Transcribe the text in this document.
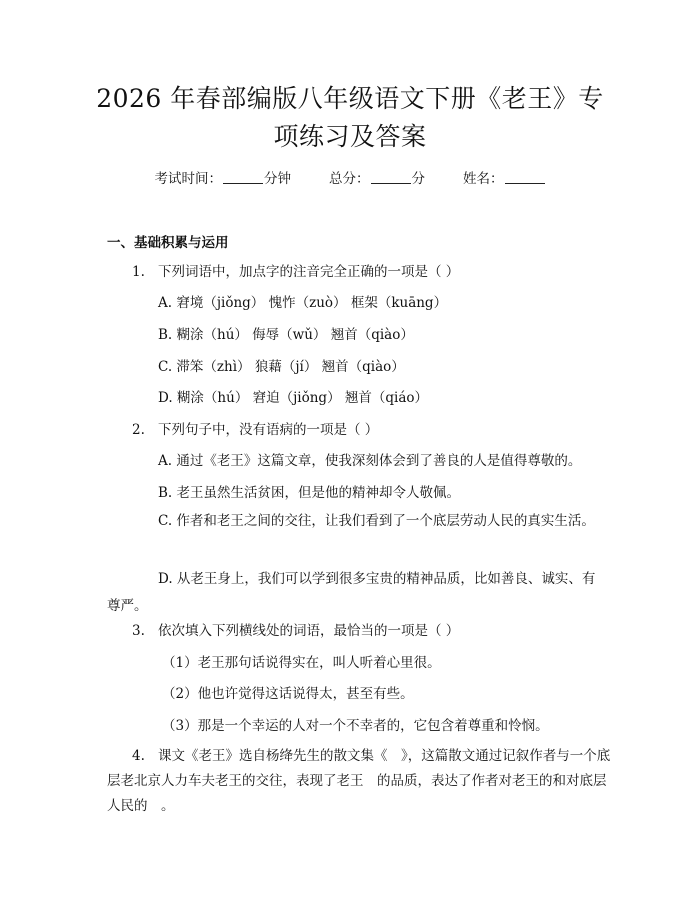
2026 年春部编版八年级语文下册《老王》专
项练习及答案
考试时间：	分钟	总分：	分	姓名：
一、基础积累与运用
1. 下列词语中，加点字的注音完全正确的一项是（ ）
A. 窘境（jiǒng） 愧怍（zuò） 框架（kuāng）
B. 糊涂（hú） 侮辱（wǔ） 翘首（qiào）
C. 滞笨（zhì） 狼藉（jí） 翘首（qiào）
D. 糊涂（hú） 窘迫（jiǒng） 翘首（qiáo）
2. 下列句子中，没有语病的一项是（ ）
A. 通过《老王》这篇文章，使我深刻体会到了善良的人是值得尊敬的。
B. 老王虽然生活贫困，但是他的精神却令人敬佩。
C. 作者和老王之间的交往，让我们看到了一个底层劳动人民的真实生活。
D. 从老王身上，我们可以学到很多宝贵的精神品质，比如善良、诚实、有尊严。
3. 依次填入下列横线处的词语，最恰当的一项是（ ）
（1）老王那句话说得实在，叫人听着心里很。
（2）他也许觉得这话说得太，甚至有些。
（3）那是一个幸运的人对一个不幸者的，它包含着尊重和怜悯。
4. 课文《老王》选自杨绛先生的散文集《　》，这篇散文通过记叙作者与一个底层老北京人力车夫老王的交往，表现了老王　的品质，表达了作者对老王的和对底层人民的　。
